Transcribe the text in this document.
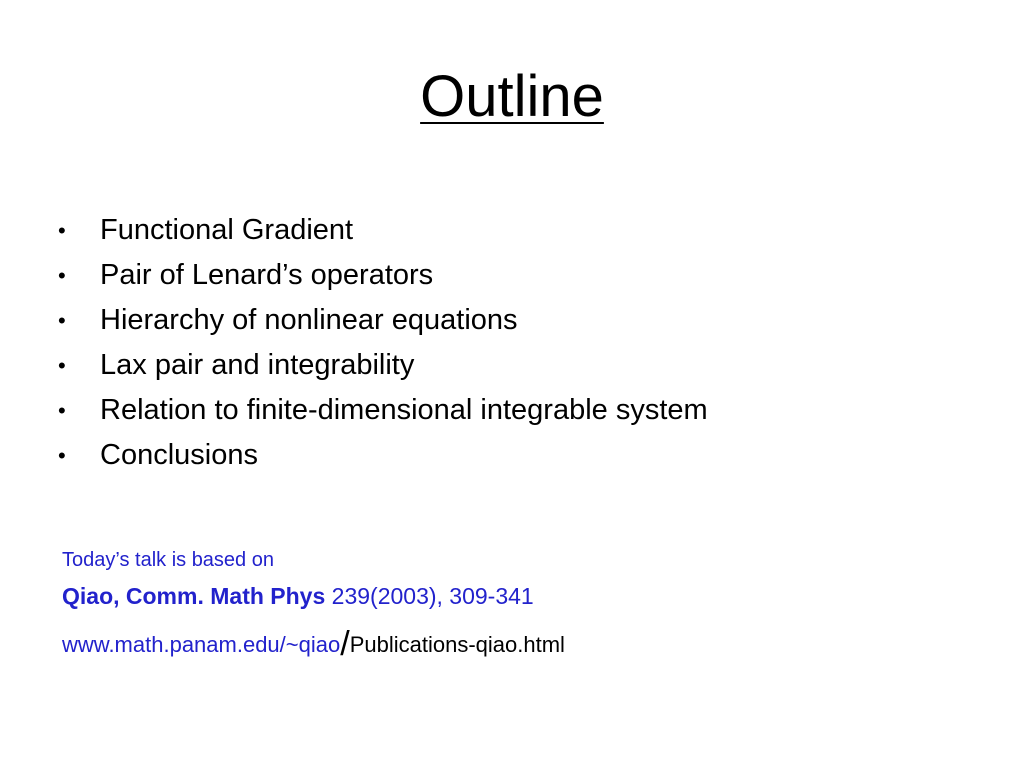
Outline
• Functional Gradient
• Pair of Lenard’s operators
• Hierarchy of nonlinear equations
• Lax pair and integrability
• Relation to finite-dimensional integrable system
• Conclusions
Today’s talk is based on
Qiao, Comm. Math Phys 239(2003), 309-341
www.math.panam.edu/~qiao/Publications-qiao.html
